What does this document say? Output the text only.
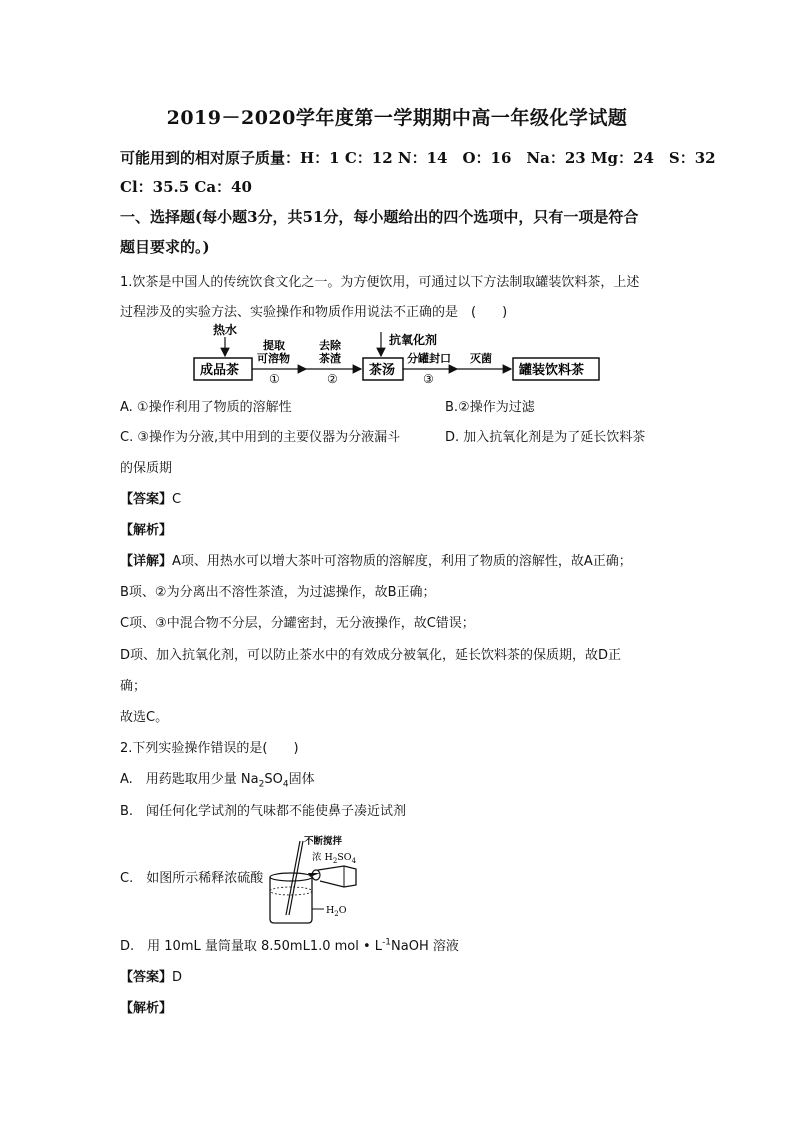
2019－2020学年度第一学期期中高一年级化学试题
可能用到的相对原子质量：H：1 C：12 N：14　O：16　Na：23 Mg：24　S：32
Cl：35.5 Ca：40
一、选择题(每小题3分，共51分，每小题给出的四个选项中，只有一项是符合
题目要求的。)
1.饮茶是中国人的传统饮食文化之一。为方便饮用，可通过以下方法制取罐装饮料茶，上述
过程涉及的实验方法、实验操作和物质作用说法不正确的是　(　　)
热水
成品茶
提取
可溶物
①
去除
茶渣
②
抗氧化剂
茶汤
分罐封口
③
灭菌
罐装饮料茶
A. ①操作利用了物质的溶解性	B.②操作为过滤
C. ③操作为分液,其中用到的主要仪器为分液漏斗	D. 加入抗氧化剂是为了延长饮料茶
的保质期
【答案】C
【解析】
【详解】A项、用热水可以增大茶叶可溶物质的溶解度，利用了物质的溶解性，故A正确；
B项、②为分离出不溶性茶渣，为过滤操作，故B正确；
C项、③中混合物不分层，分罐密封，无分液操作，故C错误；
D项、加入抗氧化剂，可以防止茶水中的有效成分被氧化，延长饮料茶的保质期，故D正
确；
故选C。
2.下列实验操作错误的是(　　)
A.　用药匙取用少量 $Na_2SO_4$固体
B.　闻任何化学试剂的气味都不能使鼻子凑近试剂
C.　如图所示稀释浓硫酸
不断搅拌
浓 $H_2SO_4$
$H_2O$
D.　用 10mL 量筒量取 8.50mL1.0 mol • $L^{-1}NaOH$ 溶液
【答案】D
【解析】
